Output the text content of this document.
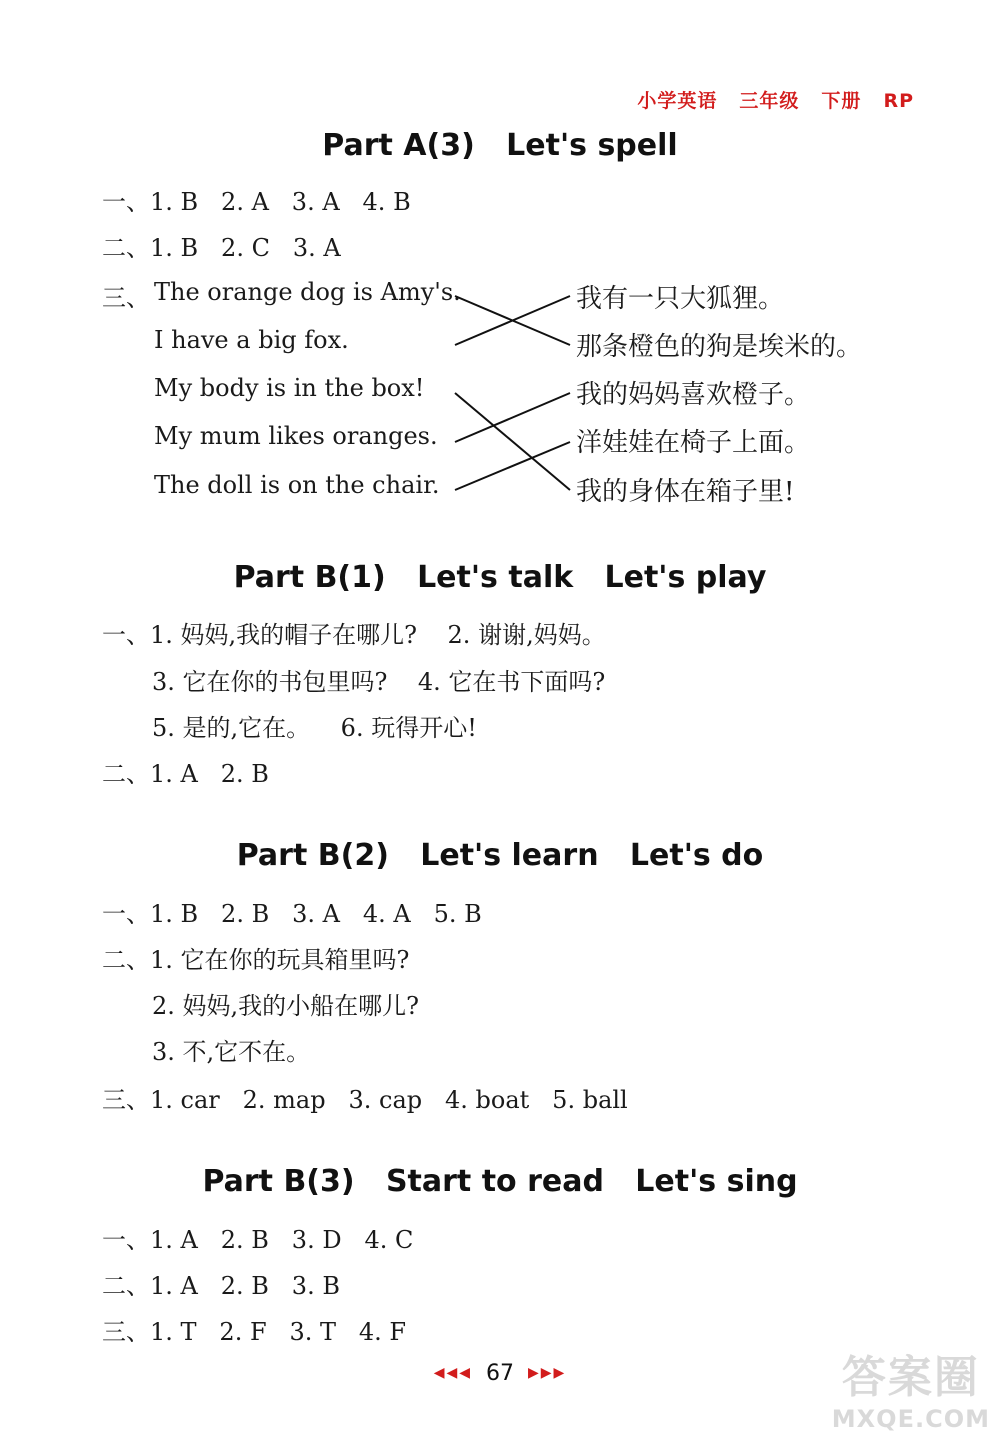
小学英语 三年级 下册 RP
Part A(3)   Let's spell
一、1. B   2. A   3. A   4. B
二、1. B   2. C   3. A
三、 The orange dog is Amy's.
I have a big fox.
My body is in the box!
My mum likes oranges.
The doll is on the chair.
我有一只大狐狸。
那条橙色的狗是埃米的。
我的妈妈喜欢橙子。
洋娃娃在椅子上面。
我的身体在箱子里!
Part B(1)   Let's talk   Let's play
一、1. 妈妈,我的帽子在哪儿?    2. 谢谢,妈妈。
3. 它在你的书包里吗?    4. 它在书下面吗?
5. 是的,它在。    6. 玩得开心!
二、1. A   2. B
Part B(2)   Let's learn   Let's do
一、1. B   2. B   3. A   4. A   5. B
二、1. 它在你的玩具箱里吗?
2. 妈妈,我的小船在哪儿?
3. 不,它不在。
三、1. car   2. map   3. cap   4. boat   5. ball
Part B(3)   Start to read   Let's sing
一、1. A   2. B   3. D   4. C
二、1. A   2. B   3. B
三、1. T   2. F   3. T   4. F
◀◀◀ 67 ▶▶▶	答案圈
MXQE.COM
